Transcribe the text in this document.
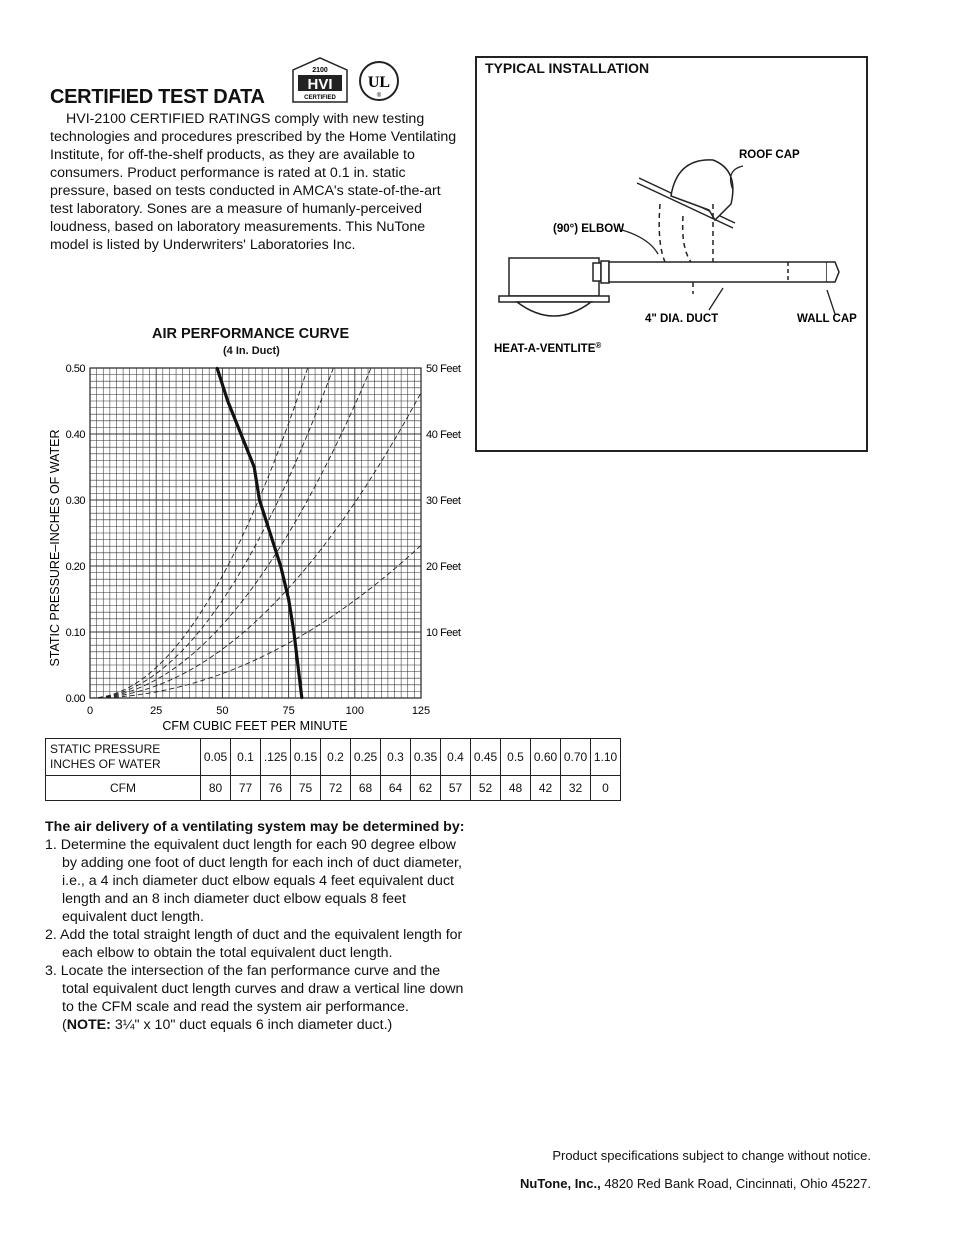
CERTIFIED TEST DATA
2100
HVI
CERTIFIED
UL
®

HVI-2100 CERTIFIED RATINGS comply with new testing technologies and procedures prescribed by the Home Ventilating Institute, for off-the-shelf products, as they are available to consumers. Product performance is rated at 0.1 in. static pressure, based on tests conducted in AMCA's state-of-the-art test laboratory. Sones are a measure of humanly-perceived loudness, based on laboratory measurements. This NuTone model is listed by Underwriters' Laboratories Inc.

TYPICAL INSTALLATION
ROOF CAP
(90°) ELBOW
4" DIA. DUCT	WALL CAP
HEAT-A-VENTLITE®
AIR PERFORMANCE CURVE
(4 In. Duct)
0	25	50	75	100	125
0.00
0.10
0.20
0.30
0.40
0.50
10 Feet
20 Feet
30 Feet
40 Feet
50 Feet
CFM CUBIC FEET PER MINUTE
STATIC PRESSURE–INCHES OF WATER
STATIC PRESSURE
INCHES OF WATER	0.05	0.1	.125	0.15	0.2	0.25	0.3	0.35	0.4	0.45	0.5	0.60	0.70	1.10
CFM	80	77	76	75	72	68	64	62	57	52	48	42	32	0
The air delivery of a ventilating system may be determined by:
1. Determine the equivalent duct length for each 90 degree elbow by adding one foot of duct length for each inch of duct diameter, i.e., a 4 inch diameter duct elbow equals 4 feet equivalent duct length and an 8 inch diameter duct elbow equals 8 feet equivalent duct length.
2. Add the total straight length of duct and the equivalent length for each elbow to obtain the total equivalent duct length.
3. Locate the intersection of the fan performance curve and the total equivalent duct length curves and draw a vertical line down to the CFM scale and read the system air performance.
(NOTE: 3¼" x 10" duct equals 6 inch diameter duct.)
Product specifications subject to change without notice.
NuTone, Inc., 4820 Red Bank Road, Cincinnati, Ohio 45227.
